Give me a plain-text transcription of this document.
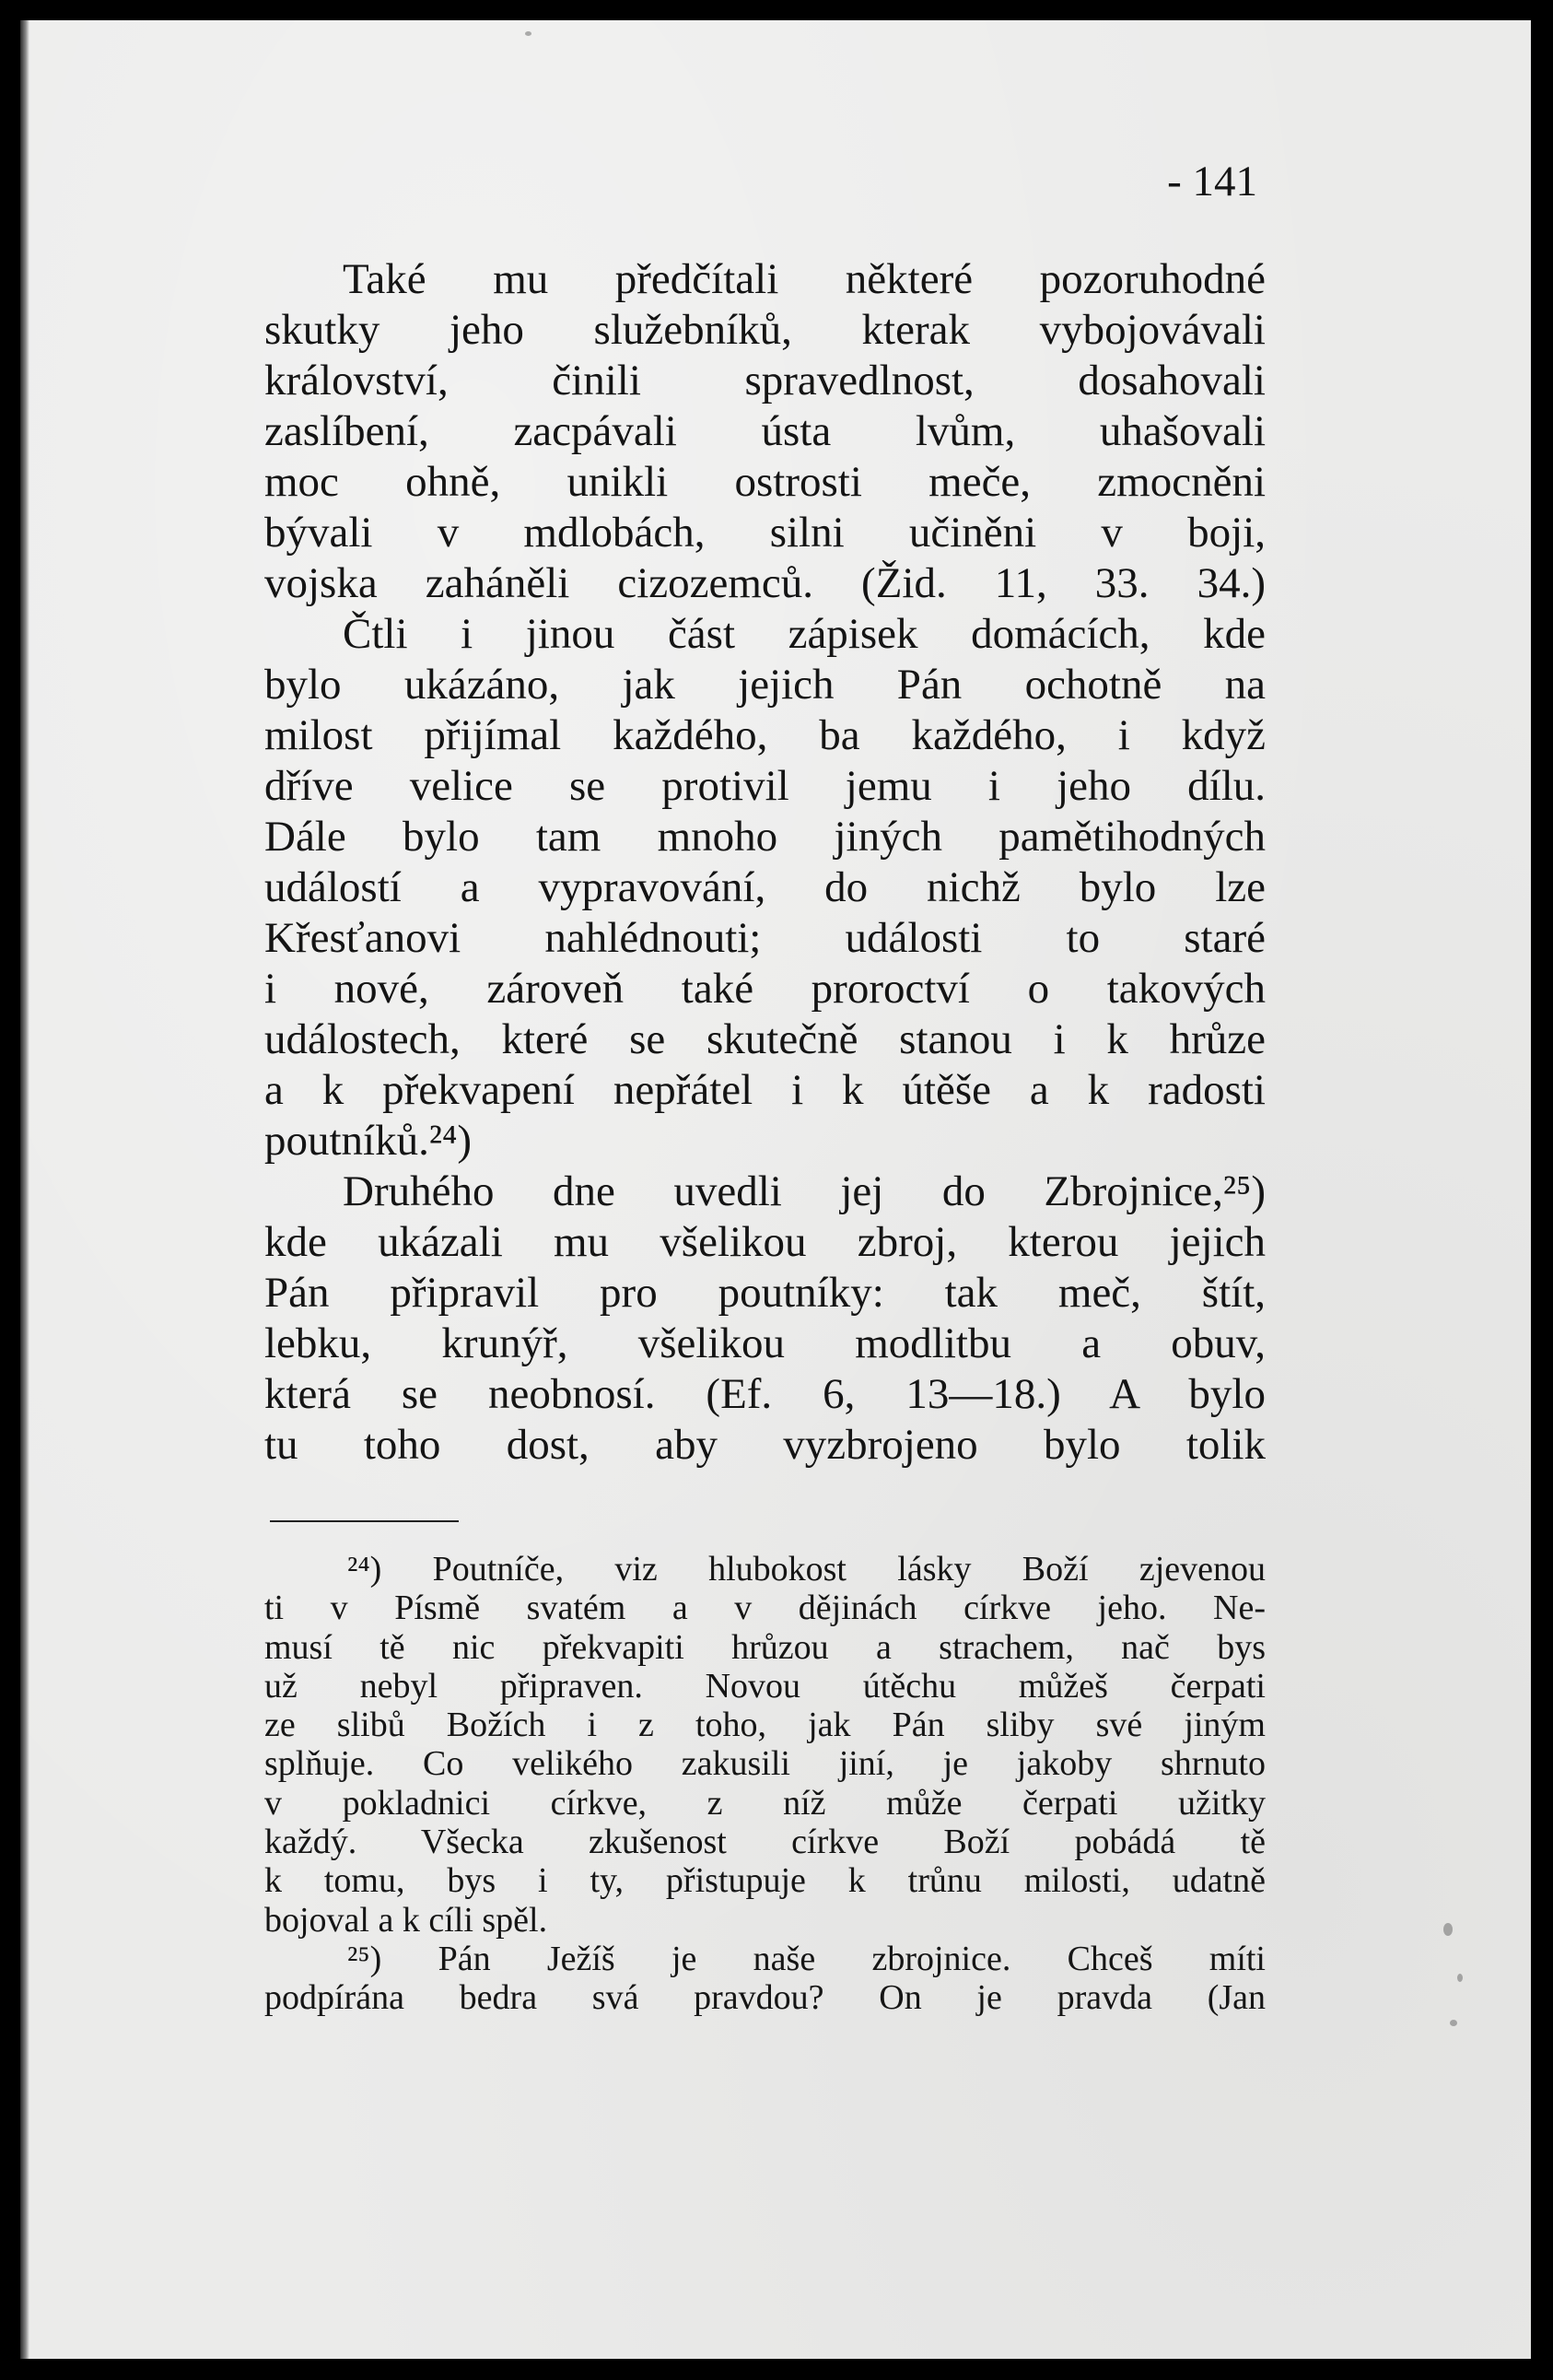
- 141
Také mu předčítali některé pozoruhodné
skutky jeho služebníků, kterak vybojovávali
království, činili spravedlnost, dosahovali
zaslíbení, zacpávali ústa lvům, uhašovali
moc ohně, unikli ostrosti meče, zmocněni
bývali v mdlobách, silni učiněni v boji,
vojska zaháněli cizozemců. (Žid. 11, 33. 34.)
Čtli i jinou část zápisek domácích, kde
bylo ukázáno, jak jejich Pán ochotně na
milost přijímal každého, ba každého, i když
dříve velice se protivil jemu i jeho dílu.
Dále bylo tam mnoho jiných pamětihodných
událostí a vypravování, do nichž bylo lze
Křesťanovi nahlédnouti; události to staré
i nové, zároveň také proroctví o takových
událostech, které se skutečně stanou i k hrůze
a k překvapení nepřátel i k útěše a k radosti
poutníků.²⁴)
Druhého dne uvedli jej do Zbrojnice,²⁵)
kde ukázali mu všelikou zbroj, kterou jejich
Pán připravil pro poutníky: tak meč, štít,
lebku, krunýř, všelikou modlitbu a obuv,
která se neobnosí. (Ef. 6, 13—18.) A bylo
tu toho dost, aby vyzbrojeno bylo tolik
²⁴) Poutníče, viz hlubokost lásky Boží zjevenou
ti v Písmě svatém a v dějinách církve jeho. Ne-
musí tě nic překvapiti hrůzou a strachem, nač bys
už nebyl připraven. Novou útěchu můžeš čerpati
ze slibů Božích i z toho, jak Pán sliby své jiným
splňuje. Co velikého zakusili jiní, je jakoby shrnuto
v pokladnici církve, z níž může čerpati užitky
každý. Všecka zkušenost církve Boží pobádá tě
k tomu, bys i ty, přistupuje k trůnu milosti, udatně
bojoval a k cíli spěl.
²⁵) Pán Ježíš je naše zbrojnice. Chceš míti
podpírána bedra svá pravdou? On je pravda (Jan
